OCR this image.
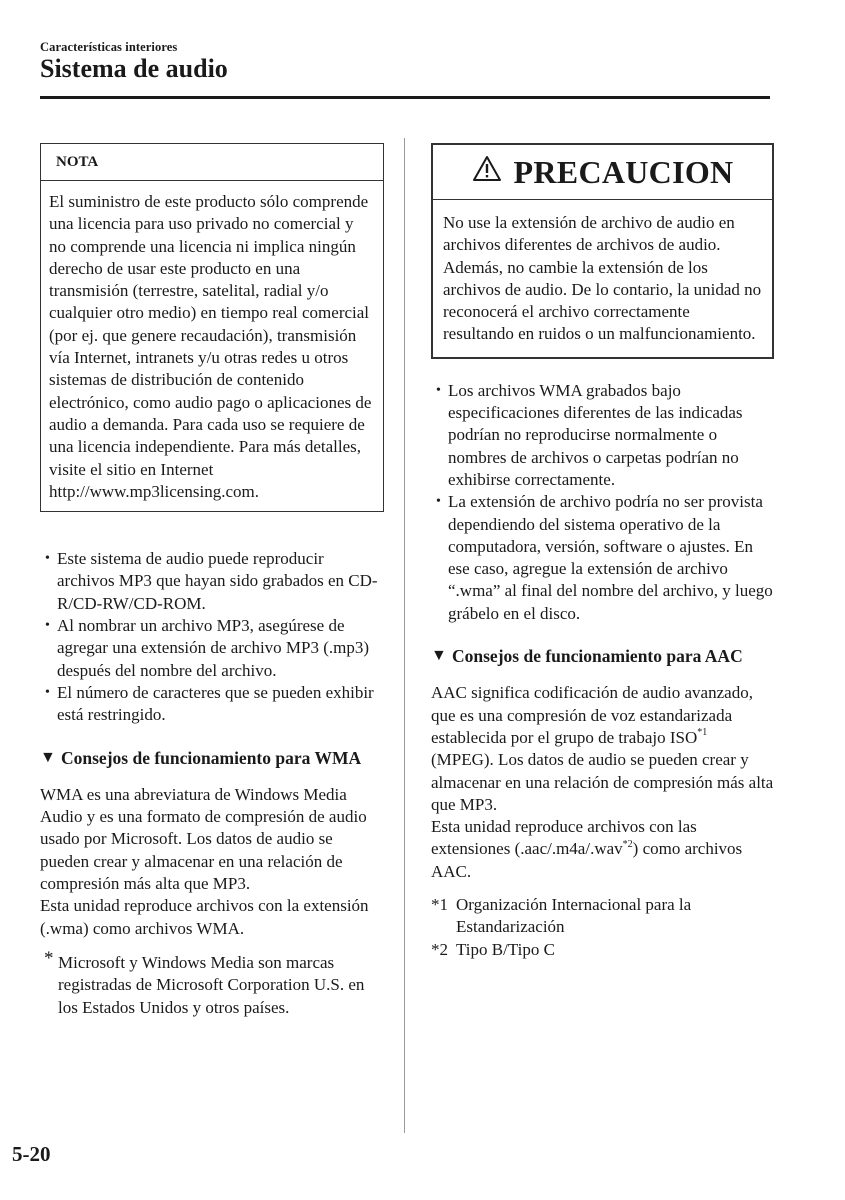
Características interiores
Sistema de audio
NOTA
El suministro de este producto sólo comprende una licencia para uso privado no comercial y no comprende una licencia ni implica ningún derecho de usar este producto en una transmisión (terrestre, satelital, radial y/o cualquier otro medio) en tiempo real comercial (por ej. que genere recaudación), transmisión vía Internet, intranets y/u otras redes u otros sistemas de distribución de contenido electrónico, como audio pago o aplicaciones de audio a demanda. Para cada uso se requiere de una licencia independiente. Para más detalles, visite el sitio en Internet http://www.mp3licensing.com.
• Este sistema de audio puede reproducir archivos MP3 que hayan sido grabados en CD-R/CD-RW/CD-ROM.
• Al nombrar un archivo MP3, asegúrese de agregar una extensión de archivo MP3 (.mp3) después del nombre del archivo.
• El número de caracteres que se pueden exhibir está restringido.
▼ Consejos de funcionamiento para WMA

WMA es una abreviatura de Windows Media Audio y es una formato de compresión de audio usado por Microsoft. Los datos de audio se pueden crear y almacenar en una relación de compresión más alta que MP3.

Esta unidad reproduce archivos con la extensión (.wma) como archivos WMA.

* Microsoft y Windows Media son marcas registradas de Microsoft Corporation U.S. en los Estados Unidos y otros países.
PRECAUCION
No use la extensión de archivo de audio en archivos diferentes de archivos de audio. Además, no cambie la extensión de los archivos de audio. De lo contario, la unidad no reconocerá el archivo correctamente resultando en ruidos o un malfuncionamiento.
• Los archivos WMA grabados bajo especificaciones diferentes de las indicadas podrían no reproducirse normalmente o nombres de archivos o carpetas podrían no exhibirse correctamente.
• La extensión de archivo podría no ser provista dependiendo del sistema operativo de la computadora, versión, software o ajustes. En ese caso, agregue la extensión de archivo “.wma” al final del nombre del archivo, y luego grábelo en el disco.
▼ Consejos de funcionamiento para AAC

AAC significa codificación de audio avanzado, que es una compresión de voz estandarizada establecida por el grupo de trabajo ISO$^{*1}$ (MPEG). Los datos de audio se pueden crear y almacenar en una relación de compresión más alta que MP3.

Esta unidad reproduce archivos con las extensiones (.aac/.m4a/.wav$^{*2}$) como archivos AAC.

*1 Organización Internacional para la Estandarización
*2 Tipo B/Tipo C
5-20
